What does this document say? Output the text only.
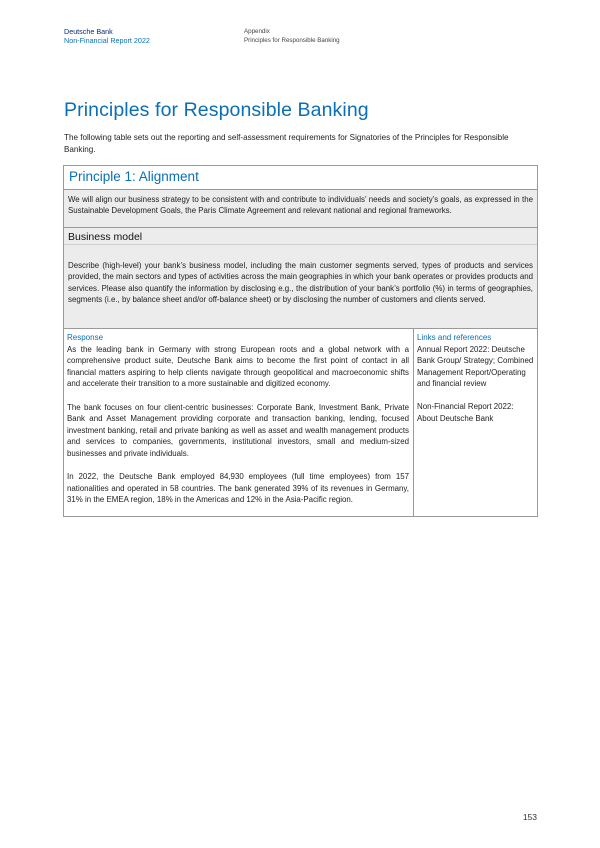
Deutsche Bank
Non-Financial Report 2022
Appendix
Principles for Responsible Banking
Principles for Responsible Banking

The following table sets out the reporting and self-assessment requirements for Signatories of the Principles for Responsible Banking.

Principle 1: Alignment
We will align our business strategy to be consistent with and contribute to individuals’ needs and society’s goals, as expressed in the Sustainable Development Goals, the Paris Climate Agreement and relevant national and regional frameworks.
Business model
Describe (high-level) your bank’s business model, including the main customer segments served, types of products and services provided, the main sectors and types of activities across the main geographies in which your bank operates or provides products and services. Please also quantify the information by disclosing e.g., the distribution of your bank’s portfolio (%) in terms of geographies, segments (i.e., by balance sheet and/or off-balance sheet) or by disclosing the number of customers and clients served.
Response

As the leading bank in Germany with strong European roots and a global network with a comprehensive product suite, Deutsche Bank aims to become the first point of contact in all financial matters aspiring to help clients navigate through geopolitical and macroeconomic shifts and accelerate their transition to a more sustainable and digitized economy.

The bank focuses on four client-centric businesses: Corporate Bank, Investment Bank, Private Bank and Asset Management providing corporate and transaction banking, lending, focused investment banking, retail and private banking as well as asset and wealth management products and services to companies, governments, institutional investors, small and medium-sized businesses and private individuals.

In 2022, the Deutsche Bank employed 84,930 employees (full time employees) from 157 nationalities and operated in 58 countries. The bank generated 39% of its revenues in Germany, 31% in the EMEA region, 18% in the Americas and 12% in the Asia-Pacific region.

Links and references

Annual Report 2022: Deutsche Bank Group/ Strategy; Combined Management Report/Operating and financial review

Non-Financial Report 2022: About Deutsche Bank

153
